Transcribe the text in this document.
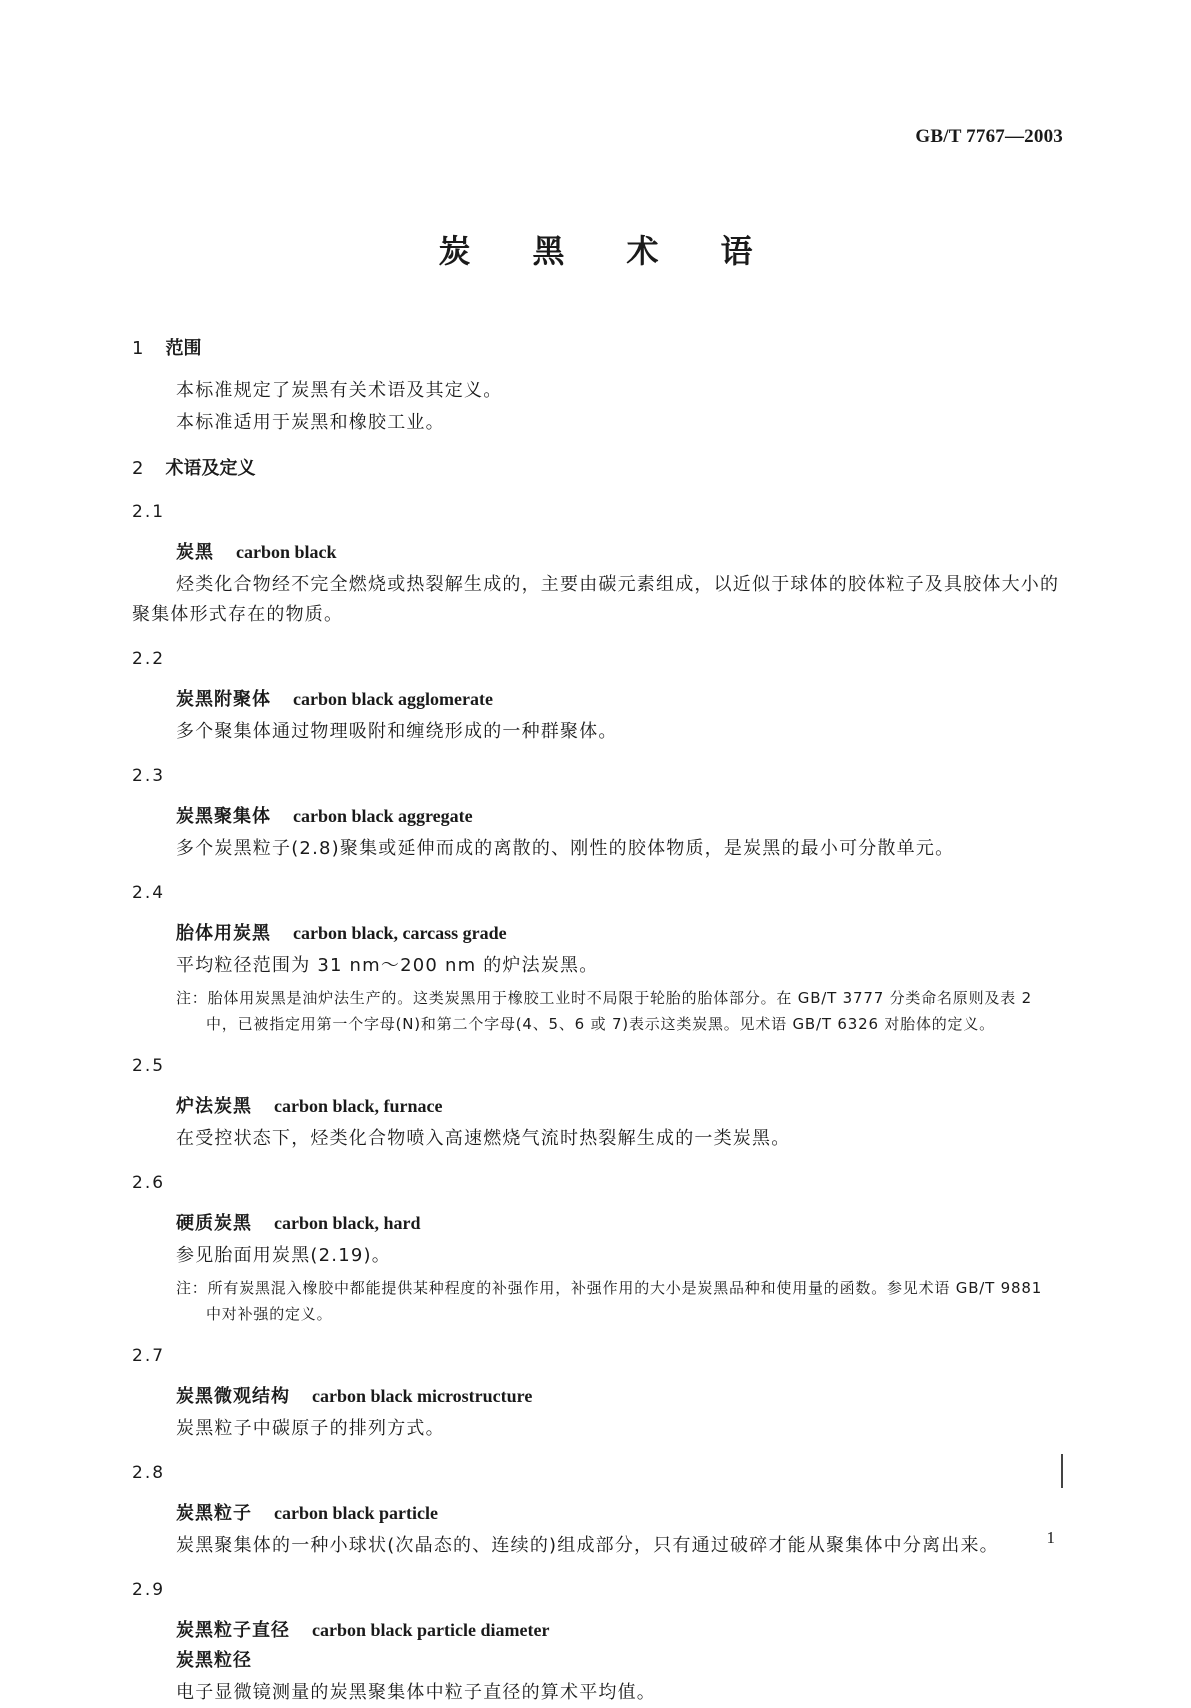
GB/T 7767—2003
炭黑术语
1 范围

本标准规定了炭黑有关术语及其定义。

本标准适用于炭黑和橡胶工业。

2 术语及定义
2.1
炭黑 carbon black
烃类化合物经不完全燃烧或热裂解生成的，主要由碳元素组成，以近似于球体的胶体粒子及具胶体大小的聚集体形式存在的物质。
2.2
炭黑附聚体 carbon black agglomerate
多个聚集体通过物理吸附和缠绕形成的一种群聚体。
2.3
炭黑聚集体 carbon black aggregate
多个炭黑粒子(2.8)聚集或延伸而成的离散的、刚性的胶体物质，是炭黑的最小可分散单元。
2.4
胎体用炭黑 carbon black, carcass grade
平均粒径范围为 31 nm～200 nm 的炉法炭黑。
注：胎体用炭黑是油炉法生产的。这类炭黑用于橡胶工业时不局限于轮胎的胎体部分。在 GB/T 3777 分类命名原则及表 2 中，已被指定用第一个字母(N)和第二个字母(4、5、6 或 7)表示这类炭黑。见术语 GB/T 6326 对胎体的定义。
2.5
炉法炭黑 carbon black, furnace
在受控状态下，烃类化合物喷入高速燃烧气流时热裂解生成的一类炭黑。
2.6
硬质炭黑 carbon black, hard
参见胎面用炭黑(2.19)。
注：所有炭黑混入橡胶中都能提供某种程度的补强作用，补强作用的大小是炭黑品种和使用量的函数。参见术语 GB/T 9881 中对补强的定义。
2.7
炭黑微观结构 carbon black microstructure
炭黑粒子中碳原子的排列方式。
2.8
炭黑粒子 carbon black particle
炭黑聚集体的一种小球状(次晶态的、连续的)组成部分，只有通过破碎才能从聚集体中分离出来。
2.9
炭黑粒子直径 carbon black particle diameter
炭黑粒径
电子显微镜测量的炭黑聚集体中粒子直径的算术平均值。
1
